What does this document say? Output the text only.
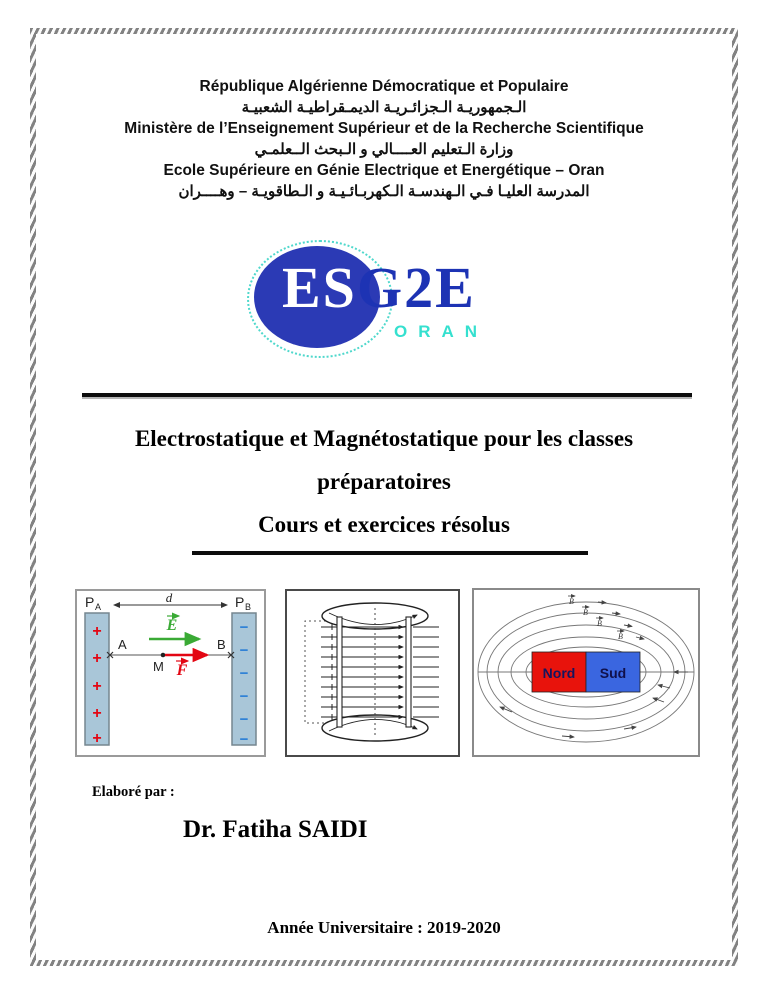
République Algérienne Démocratique et Populaire
الـجمهوريـة الـجزائـريـة الديمـقراطيـة الشعبيـة
Ministère de l’Enseignement Supérieur et de la Recherche Scientifique
وزارة الـتعليم العــــالي و الـبحث الــعلمـي
Ecole Supérieure en Génie Electrique et Energétique – Oran
المدرسة العليـا فـي الـهندسـة الـكهربـائـيـة و الـطاقويـة – وهــــران
ESG2E
ORAN
Electrostatique et Magnétostatique pour les classes
préparatoires
Cours et exercices résolus
P A	P B
d
A	B
E
M F
+
+
+
+
+
−
−
−
−
−
−
B
B
B
B
Nord Sud
Elaboré par :
Dr. Fatiha SAIDI
Année Universitaire : 2019-2020
